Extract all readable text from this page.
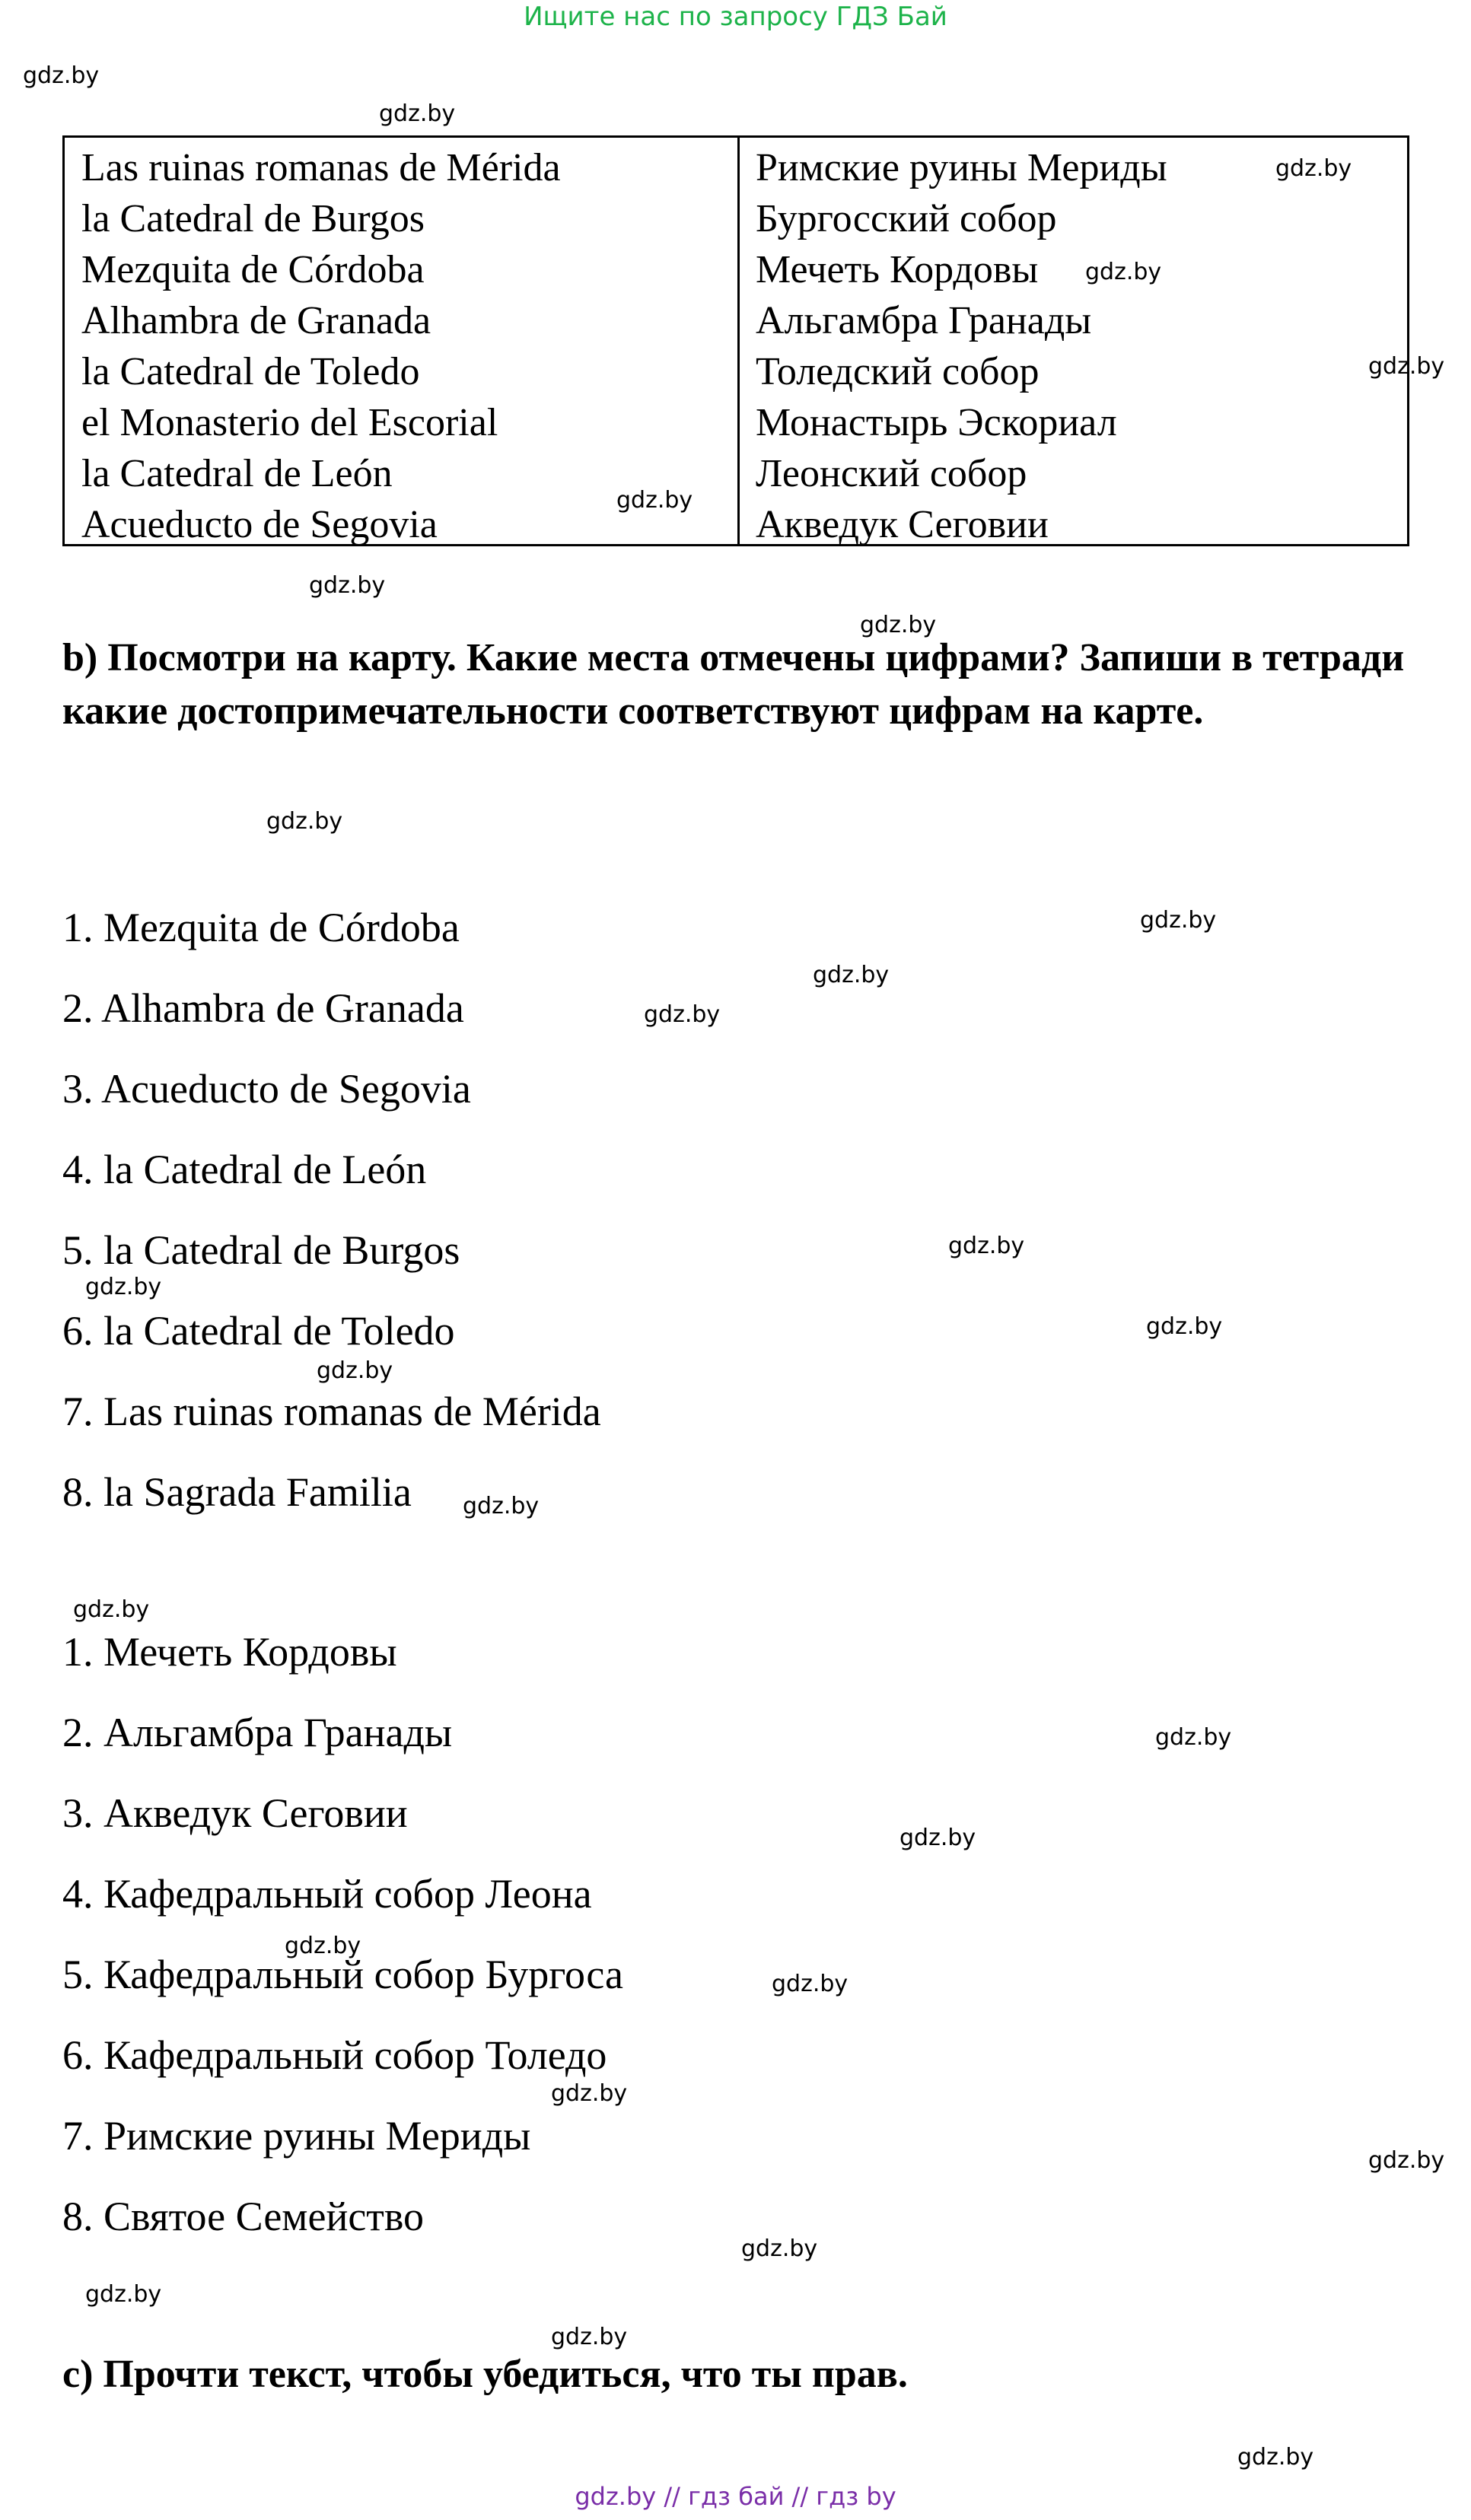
Ищите нас по запросу ГДЗ Бай
gdz.by
gdz.by
gdz.by
gdz.by
gdz.by
gdz.by
gdz.by
gdz.by
gdz.by
gdz.by
gdz.by
gdz.by
gdz.by
gdz.by
gdz.by
gdz.by
gdz.by
gdz.by
gdz.by
gdz.by
gdz.by
gdz.by
gdz.by
gdz.by
gdz.by
gdz.by
gdz.by
gdz.by
Las ruinas romanas de Mérida
la Catedral de Burgos
Mezquita de Córdoba
Alhambra de Granada
la Catedral de Toledo
el Monasterio del Escorial
la Catedral de León
Acueducto de Segovia
Римские руины Мериды
Бургосский собор
Мечеть Кордовы
Альгамбра Гранады
Толедский собор
Монастырь Эскориал
Леонский собор
Акведук Сеговии
b) Посмотри на карту. Какие места отмечены цифрами? Запиши в тетради какие достопримечательности соответствуют цифрам на карте.
1. Mezquita de Córdoba
2. Alhambra de Granada
3. Acueducto de Segovia
4. la Catedral de León
5. la Catedral de Burgos
6. la Catedral de Toledo
7. Las ruinas romanas de Mérida
8. la Sagrada Familia
1. Мечеть Кордовы
2. Альгамбра Гранады
3. Акведук Сеговии
4. Кафедральный собор Леона
5. Кафедральный собор Бургоса
6. Кафедральный собор Толедо
7. Римские руины Мериды
8. Святое Семейство
c) Прочти текст, чтобы убедиться, что ты прав.
gdz.by // гдз бай // гдз by
